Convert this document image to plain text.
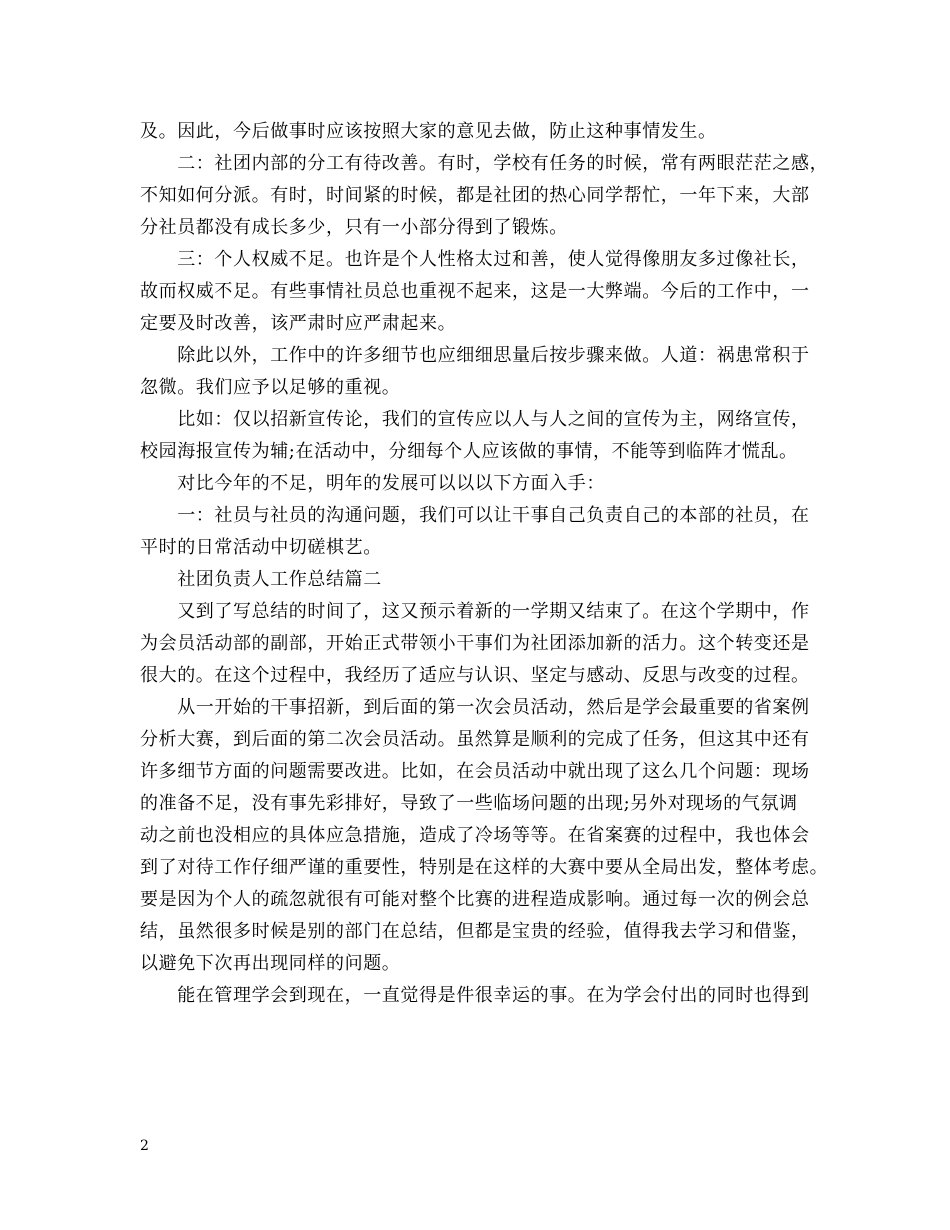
及。因此，今后做事时应该按照大家的意见去做，防止这种事情发生。
　　二：社团内部的分工有待改善。有时，学校有任务的时候，常有两眼茫茫之感，
不知如何分派。有时，时间紧的时候，都是社团的热心同学帮忙，一年下来，大部
分社员都没有成长多少，只有一小部分得到了锻炼。
　　三：个人权威不足。也许是个人性格太过和善，使人觉得像朋友多过像社长，
故而权威不足。有些事情社员总也重视不起来，这是一大弊端。今后的工作中，一
定要及时改善，该严肃时应严肃起来。
　　除此以外，工作中的许多细节也应细细思量后按步骤来做。人道：祸患常积于
忽微。我们应予以足够的重视。
　　比如：仅以招新宣传论，我们的宣传应以人与人之间的宣传为主，网络宣传，
校园海报宣传为辅;在活动中，分细每个人应该做的事情，不能等到临阵才慌乱。
　　对比今年的不足，明年的发展可以以以下方面入手：
　　一：社员与社员的沟通问题，我们可以让干事自己负责自己的本部的社员，在
平时的日常活动中切磋棋艺。
　　社团负责人工作总结篇二
　　又到了写总结的时间了，这又预示着新的一学期又结束了。在这个学期中，作
为会员活动部的副部，开始正式带领小干事们为社团添加新的活力。这个转变还是
很大的。在这个过程中，我经历了适应与认识、坚定与感动、反思与改变的过程。
　　从一开始的干事招新，到后面的第一次会员活动，然后是学会最重要的省案例
分析大赛，到后面的第二次会员活动。虽然算是顺利的完成了任务，但这其中还有
许多细节方面的问题需要改进。比如，在会员活动中就出现了这么几个问题：现场
的准备不足，没有事先彩排好，导致了一些临场问题的出现;另外对现场的气氛调
动之前也没相应的具体应急措施，造成了冷场等等。在省案赛的过程中，我也体会
到了对待工作仔细严谨的重要性，特别是在这样的大赛中要从全局出发，整体考虑。
要是因为个人的疏忽就很有可能对整个比赛的进程造成影响。通过每一次的例会总
结，虽然很多时候是别的部门在总结，但都是宝贵的经验，值得我去学习和借鉴，
以避免下次再出现同样的问题。
　　能在管理学会到现在，一直觉得是件很幸运的事。在为学会付出的同时也得到
2
